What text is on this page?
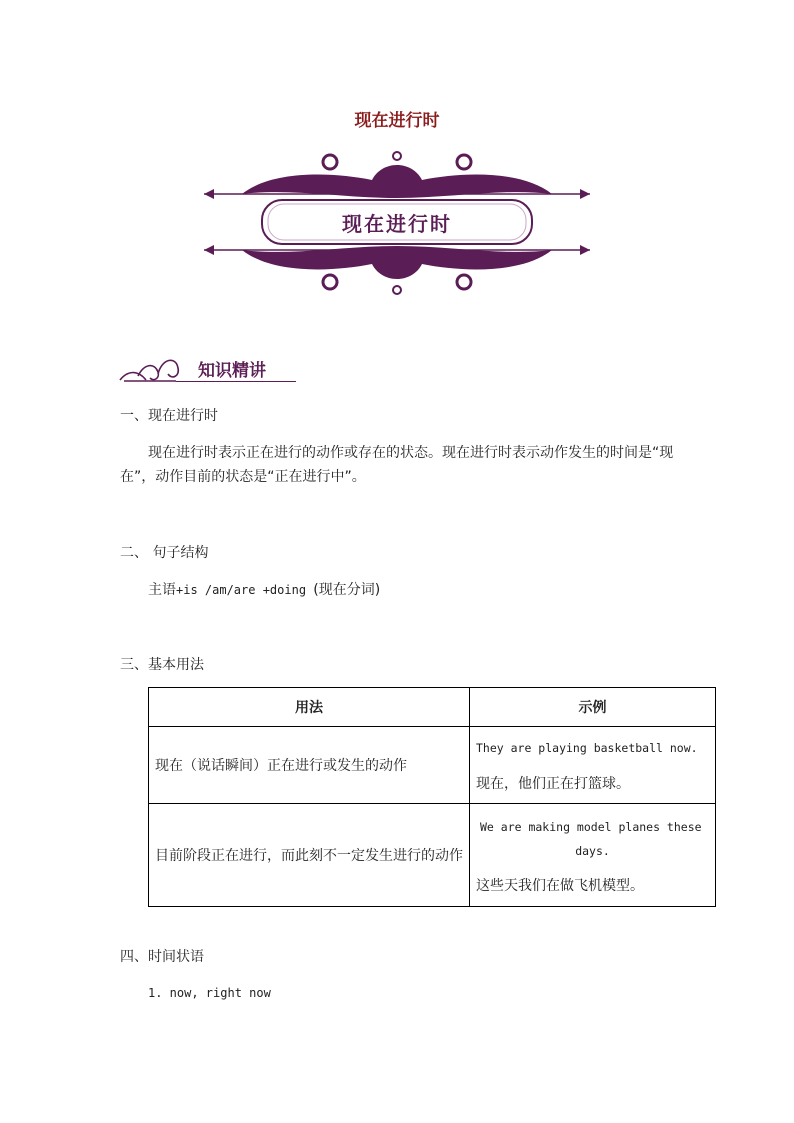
现在进行时
现在进行时
知识精讲
一、现在进行时
现在进行时表示正在进行的动作或存在的状态。现在进行时表示动作发生的时间是“现
在”，动作目前的状态是“正在进行中”。
二、 句子结构
主语+is /am/are +doing (现在分词)
三、基本用法
用法	示例
现在（说话瞬间）正在进行或发生的动作	They are playing basketball now.
现在，他们正在打篮球。

目前阶段正在进行，而此刻不一定发生进行的动作	We are making model planes these
days.
这些天我们在做飞机模型。
四、时间状语
1. now, right now
